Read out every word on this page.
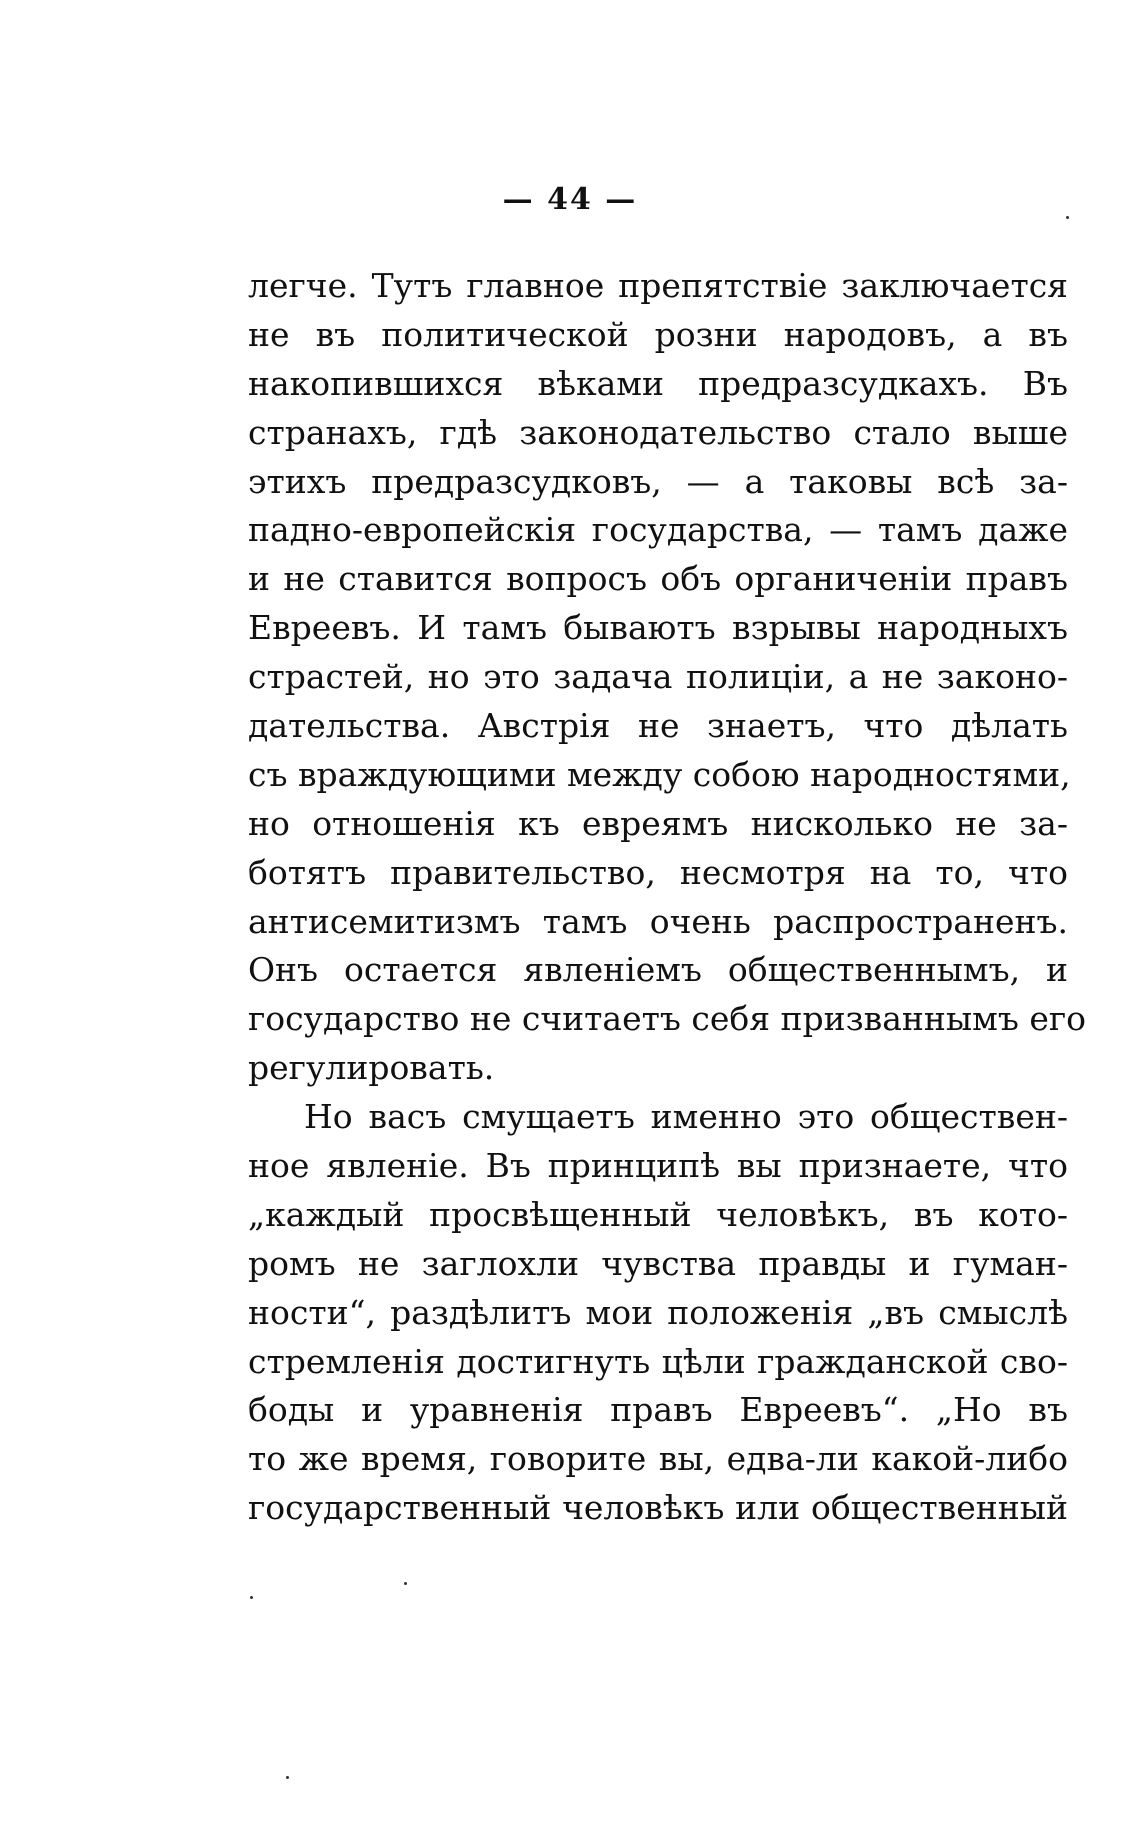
— 44 —
легче. Тутъ главное препятствіе заключается
не въ политической розни народовъ, а въ
накопившихся вѣками предразсудкахъ. Въ
странахъ, гдѣ законодательство стало выше
этихъ предразсудковъ, — а таковы всѣ за-
падно-европейскія государства, — тамъ даже
и не ставится вопросъ объ органиченіи правъ
Евреевъ. И тамъ бываютъ взрывы народныхъ
страстей, но это задача полиціи, а не законо-
дательства. Австрія не знаетъ, что дѣлать
съ враждующими между собою народностями,
но отношенія къ евреямъ нисколько не за-
ботятъ правительство, несмотря на то, что
антисемитизмъ тамъ очень распространенъ.
Онъ остается явленіемъ общественнымъ, и
государство не считаетъ себя призваннымъ его
регулировать.
Но васъ смущаетъ именно это обществен-
ное явленіе. Въ принципѣ вы признаете, что
„каждый просвѣщенный человѣкъ, въ кото-
ромъ не заглохли чувства правды и гуман-
ности“, раздѣлитъ мои положенія „въ смыслѣ
стремленія достигнуть цѣли гражданской сво-
боды и уравненія правъ Евреевъ“. „Но въ
то же время, говорите вы, едва-ли какой-либо
государственный человѣкъ или общественный
